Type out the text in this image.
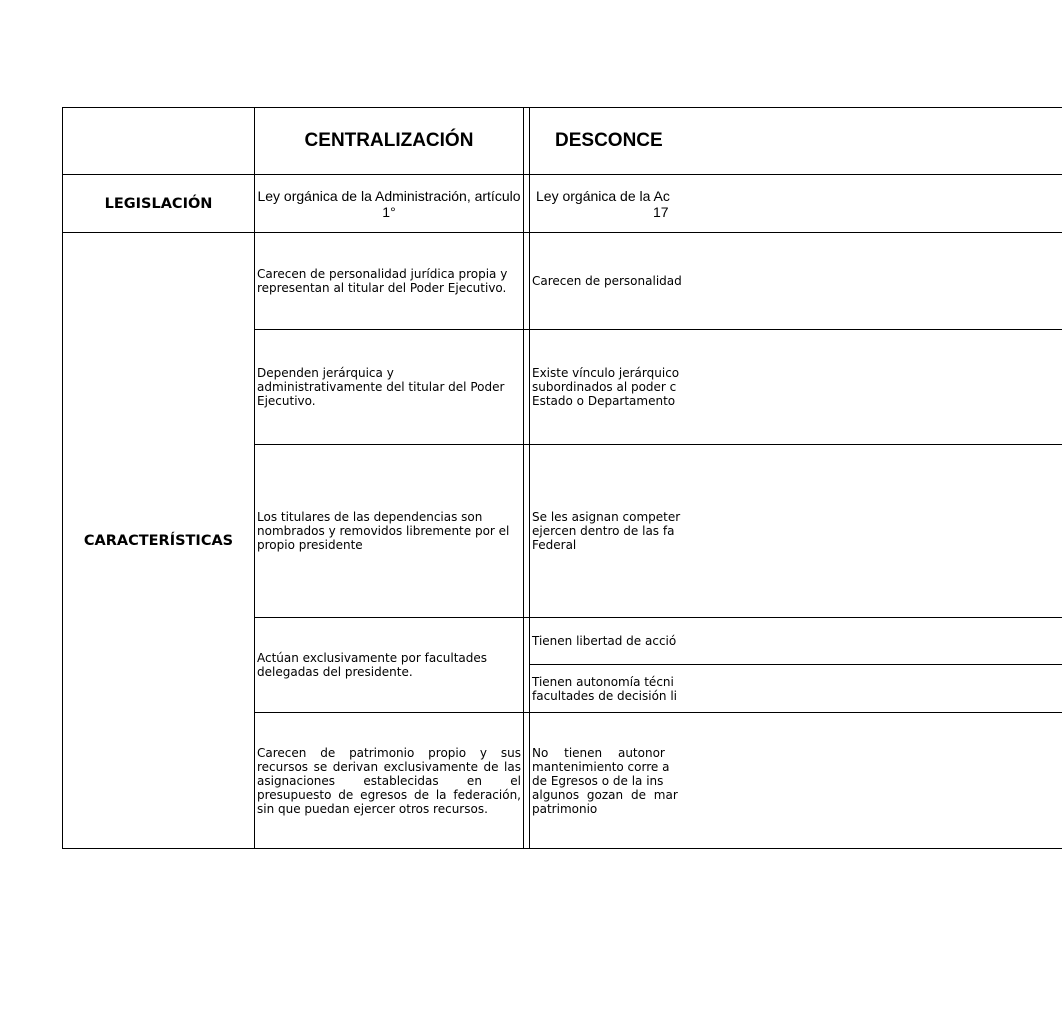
CENTRALIZACIÓN	DESCONCE
LEGISLACIÓN	Ley orgánica de la Administración, artículo 1°
Ley orgánica de la Ac
17
CARACTERÍSTICAS
Carecen de personalidad jurídica propia y representan al titular del Poder Ejecutivo.
Dependen jerárquica y administrativamente del titular del Poder Ejecutivo.
Los titulares de las dependencias son nombrados y removidos libremente por el propio presidente
Actúan exclusivamente por facultades delegadas del presidente.
Carecen de patrimonio propio y sus recursos se derivan exclusivamente de las asignaciones establecidas en el presupuesto de egresos de la federación, sin que puedan ejercer otros recursos.
Carecen de personalidad
Existe vínculo jerárquico
subordinados al poder c
Estado o Departamento
Se les asignan competer
ejercen dentro de las fa
Federal
Tienen libertad de acció
Tienen autonomía técni
facultades de decisión li
No tienen autonor
mantenimiento corre a
de Egresos o de la ins
algunos gozan de mar
patrimonio
